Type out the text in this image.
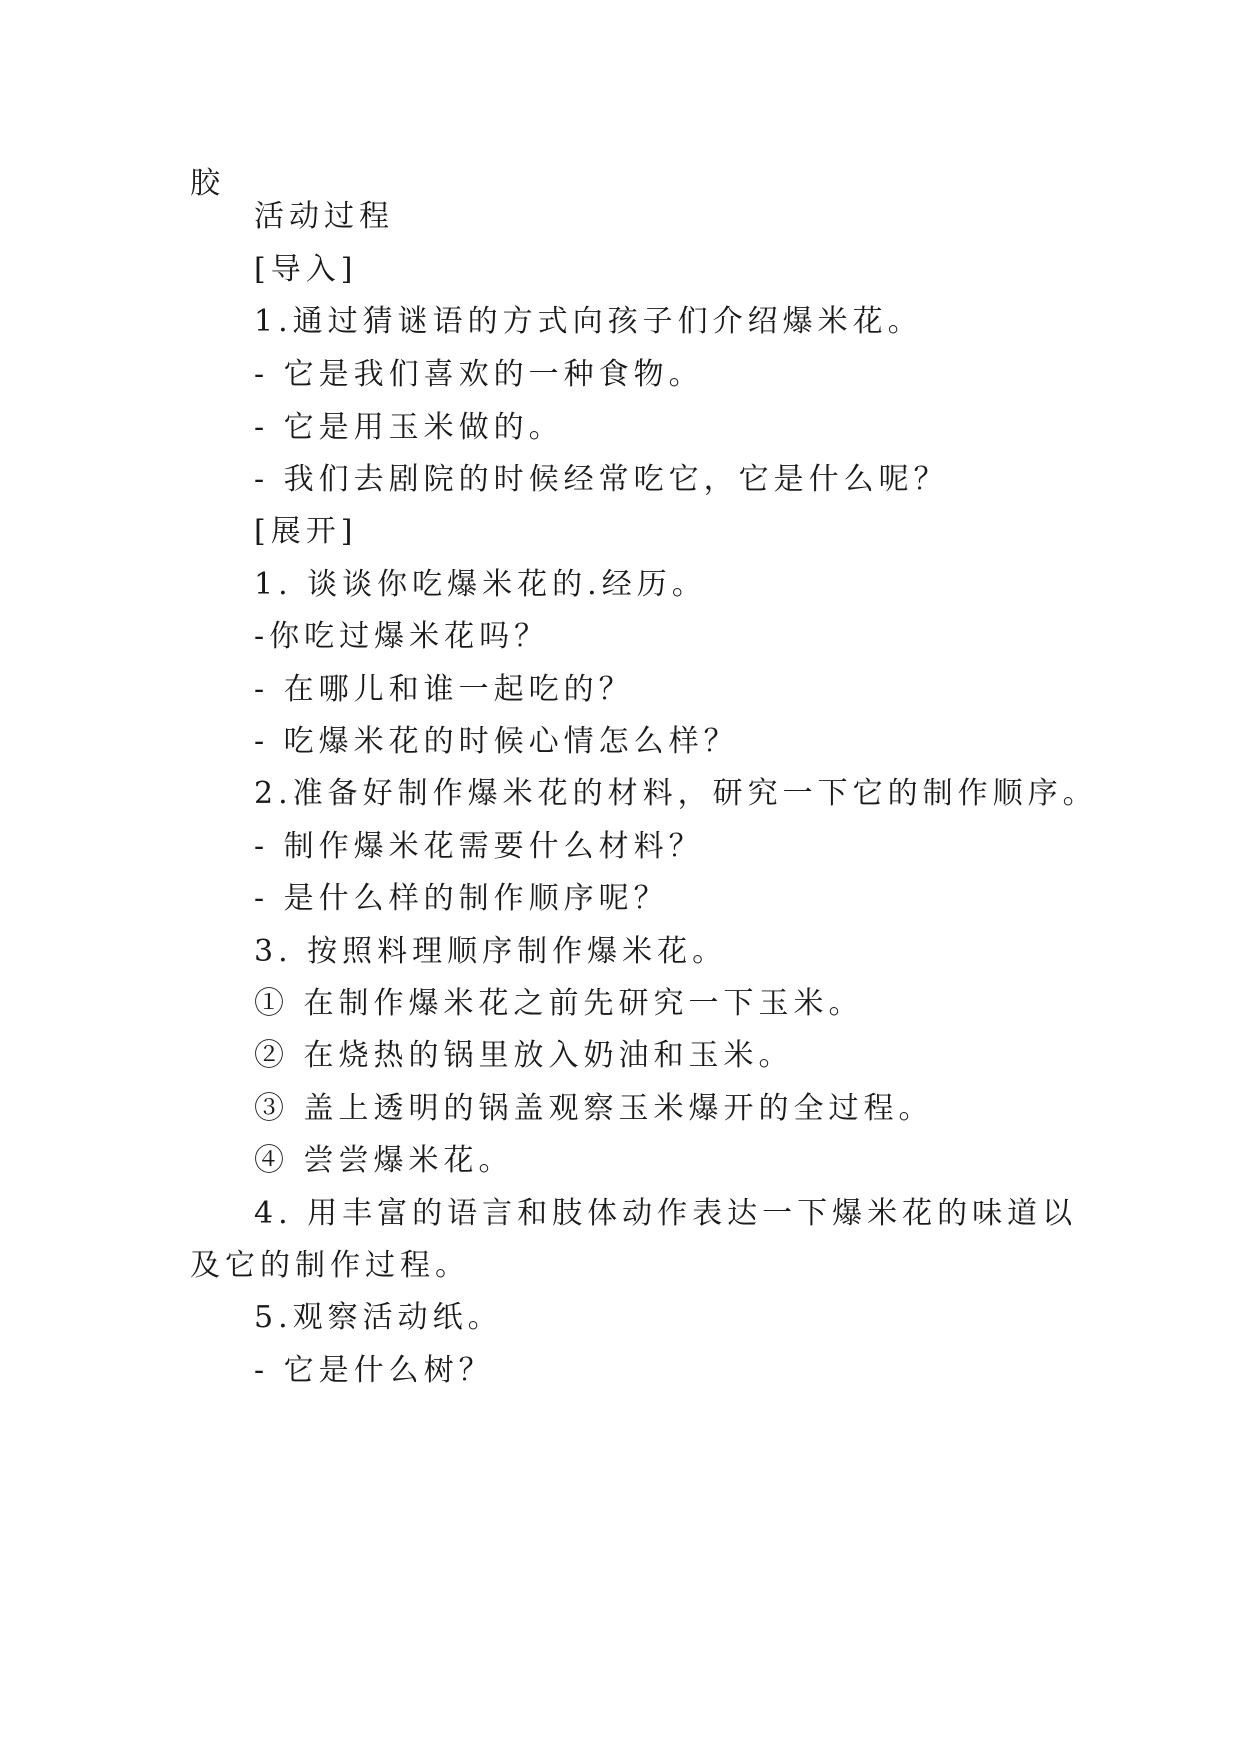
胶
活动过程
[导入]
1.通过猜谜语的方式向孩子们介绍爆米花。
- 它是我们喜欢的一种食物。
- 它是用玉米做的。
- 我们去剧院的时候经常吃它，它是什么呢？
[展开]
1. 谈谈你吃爆米花的.经历。
-你吃过爆米花吗？
- 在哪儿和谁一起吃的？
- 吃爆米花的时候心情怎么样？
2.准备好制作爆米花的材料，研究一下它的制作顺序。
- 制作爆米花需要什么材料？
- 是什么样的制作顺序呢？
3. 按照料理顺序制作爆米花。
① 在制作爆米花之前先研究一下玉米。
② 在烧热的锅里放入奶油和玉米。
③ 盖上透明的锅盖观察玉米爆开的全过程。
④ 尝尝爆米花。
4. 用丰富的语言和肢体动作表达一下爆米花的味道以
及它的制作过程。
5.观察活动纸。
- 它是什么树？
